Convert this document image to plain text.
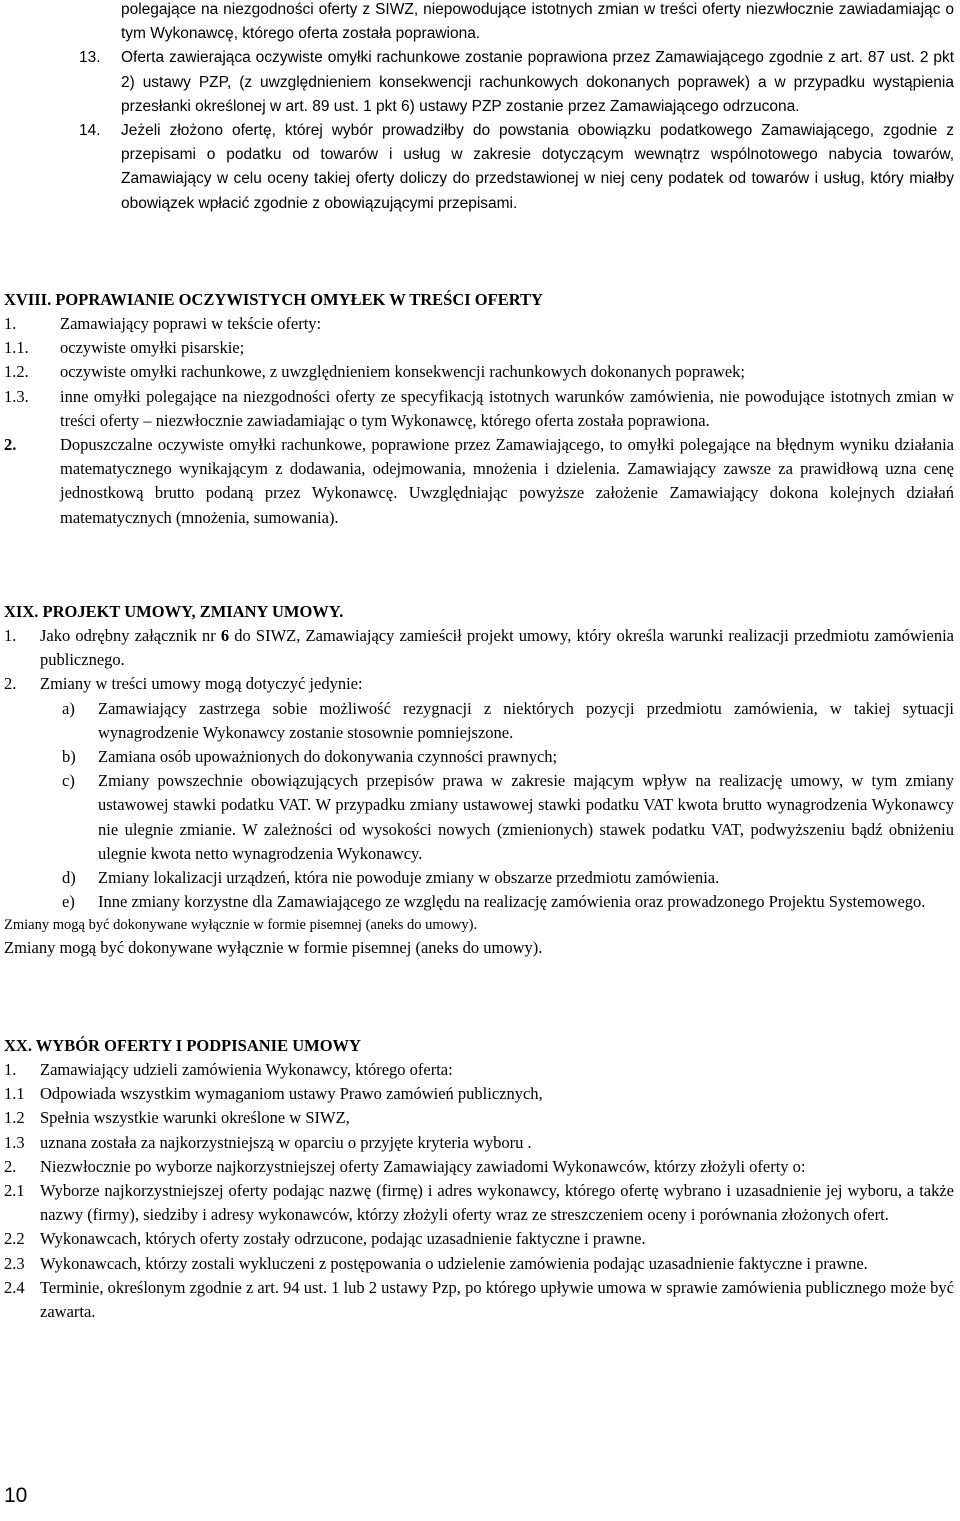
polegające na niezgodności oferty z SIWZ, niepowodujące istotnych zmian w treści oferty niezwłocznie zawiadamiając o tym Wykonawcę, którego oferta została poprawiona.
13. Oferta zawierająca oczywiste omyłki rachunkowe zostanie poprawiona przez Zamawiającego zgodnie z art. 87 ust. 2 pkt 2) ustawy PZP, (z uwzględnieniem konsekwencji rachunkowych dokonanych poprawek) a w przypadku wystąpienia przesłanki określonej w art. 89 ust. 1 pkt 6) ustawy PZP zostanie przez Zamawiającego odrzucona.
14. Jeżeli złożono ofertę, której wybór prowadziłby do powstania obowiązku podatkowego Zamawiającego, zgodnie z przepisami o podatku od towarów i usług w zakresie dotyczącym wewnątrz wspólnotowego nabycia towarów, Zamawiający w celu oceny takiej oferty doliczy do przedstawionej w niej ceny podatek od towarów i usług, który miałby obowiązek wpłacić zgodnie z obowiązującymi przepisami.
XVIII. POPRAWIANIE OCZYWISTYCH OMYŁEK W TREŚCI OFERTY
1.	Zamawiający poprawi w tekście oferty:
1.1. oczywiste omyłki pisarskie;
1.2. oczywiste omyłki rachunkowe, z uwzględnieniem konsekwencji rachunkowych dokonanych poprawek;
1.3. inne omyłki polegające na niezgodności oferty ze specyfikacją istotnych warunków zamówienia, nie powodujące istotnych zmian w treści oferty – niezwłocznie zawiadamiając o tym Wykonawcę, którego oferta została poprawiona.
2.	Dopuszczalne oczywiste omyłki rachunkowe, poprawione przez Zamawiającego, to omyłki polegające na błędnym wyniku działania matematycznego wynikającym z dodawania, odejmowania, mnożenia i dzielenia. Zamawiający zawsze za prawidłową uzna cenę jednostkową brutto podaną przez Wykonawcę. Uwzględniając powyższe założenie Zamawiający dokona kolejnych działań matematycznych (mnożenia, sumowania).
XIX. PROJEKT UMOWY, ZMIANY UMOWY.
1. Jako odrębny załącznik nr 6 do SIWZ, Zamawiający zamieścił projekt umowy, który określa warunki realizacji przedmiotu zamówienia publicznego.
2. Zmiany w treści umowy mogą dotyczyć jedynie:
a) Zamawiający zastrzega sobie możliwość rezygnacji z niektórych pozycji przedmiotu zamówienia, w takiej sytuacji wynagrodzenie Wykonawcy zostanie stosownie pomniejszone.
b) Zamiana osób upoważnionych do dokonywania czynności prawnych;
c) Zmiany powszechnie obowiązujących przepisów prawa w zakresie mającym wpływ na realizację umowy, w tym zmiany ustawowej stawki podatku VAT. W przypadku zmiany ustawowej stawki podatku VAT kwota brutto wynagrodzenia Wykonawcy nie ulegnie zmianie. W zależności od wysokości nowych (zmienionych) stawek podatku VAT, podwyższeniu bądź obniżeniu ulegnie kwota netto wynagrodzenia Wykonawcy.
d) Zmiany lokalizacji urządzeń, która nie powoduje zmiany w obszarze przedmiotu zamówienia.
e) Inne zmiany korzystne dla Zamawiającego ze względu na realizację zamówienia oraz prowadzonego Projektu Systemowego.
Zmiany mogą być dokonywane wyłącznie w formie pisemnej (aneks do umowy).
Zmiany mogą być dokonywane wyłącznie w formie pisemnej (aneks do umowy).
XX. WYBÓR OFERTY I PODPISANIE UMOWY
1. Zamawiający udzieli zamówienia Wykonawcy, którego oferta:
1.1 Odpowiada wszystkim wymaganiom ustawy Prawo zamówień publicznych,
1.2 Spełnia wszystkie warunki określone w SIWZ,
1.3 uznana została za najkorzystniejszą w oparciu o przyjęte kryteria wyboru .
2. Niezwłocznie po wyborze najkorzystniejszej oferty Zamawiający zawiadomi Wykonawców, którzy złożyli oferty o:
2.1 Wyborze najkorzystniejszej oferty podając nazwę (firmę) i adres wykonawcy, którego ofertę wybrano i uzasadnienie jej wyboru, a także nazwy (firmy), siedziby i adresy wykonawców, którzy złożyli oferty wraz ze streszczeniem oceny i porównania złożonych ofert.
2.2 Wykonawcach, których oferty zostały odrzucone, podając uzasadnienie faktyczne i prawne.
2.3 Wykonawcach, którzy zostali wykluczeni z postępowania o udzielenie zamówienia podając uzasadnienie faktyczne i prawne.
2.4 Terminie, określonym zgodnie z art. 94 ust. 1 lub 2 ustawy Pzp, po którego upływie umowa w sprawie zamówienia publicznego może być zawarta.
10
